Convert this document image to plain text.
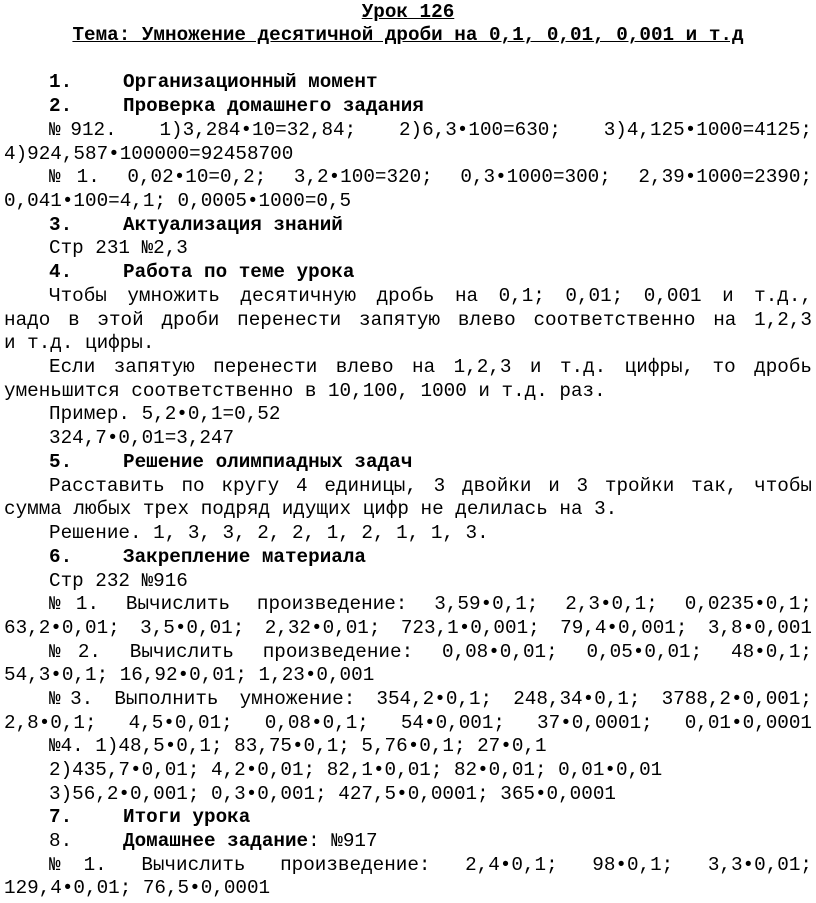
Урок 126
Тема: Умножение десятичной дроби на 0,1, 0,01, 0,001 и т.д
1.	Организационный момент
2.	Проверка домашнего задания
№912.  1)3,284•10=32,84;  2)6,3•100=630;  3)4,125•1000=4125;
4)924,587•100000=92458700
№1. 0,02•10=0,2; 3,2•100=320; 0,3•1000=300; 2,39•1000=2390;
0,041•100=4,1; 0,0005•1000=0,5
3.	Актуализация знаний
Стр 231 №2,3
4.	Работа по теме урока
Чтобы умножить десятичную дробь на 0,1; 0,01; 0,001 и т.д.,
надо в этой дроби перенести запятую влево соответственно на 1,2,3
и т.д. цифры.
Если запятую перенести влево на 1,2,3 и т.д. цифры, то дробь
уменьшится соответственно в 10,100, 1000 и т.д. раз.
Пример. 5,2•0,1=0,52
324,7•0,01=3,247
5.	Решение олимпиадных задач
Расставить по кругу 4 единицы, 3 двойки и 3 тройки так, чтобы
сумма любых трех подряд идущих цифр не делилась на 3.
Решение. 1, 3, 3, 2, 2, 1, 2, 1, 1, 3.
6.	Закрепление материала
Стр 232 №916
№1. Вычислить произведение: 3,59•0,1; 2,3•0,1; 0,0235•0,1;
63,2•0,01; 3,5•0,01; 2,32•0,01; 723,1•0,001; 79,4•0,001; 3,8•0,001
№2. Вычислить произведение: 0,08•0,01; 0,05•0,01; 48•0,1;
54,3•0,1; 16,92•0,01; 1,23•0,001
№3. Выполнить умножение: 354,2•0,1; 248,34•0,1; 3788,2•0,001;
2,8•0,1; 4,5•0,01; 0,08•0,1; 54•0,001; 37•0,0001; 0,01•0,0001
№4. 1)48,5•0,1; 83,75•0,1; 5,76•0,1; 27•0,1
2)435,7•0,01; 4,2•0,01; 82,1•0,01; 82•0,01; 0,01•0,01
3)56,2•0,001; 0,3•0,001; 427,5•0,0001; 365•0,0001
7.	Итоги урока
8.	Домашнее задание: №917
№1. Вычислить произведение: 2,4•0,1; 98•0,1; 3,3•0,01;
129,4•0,01; 76,5•0,0001
